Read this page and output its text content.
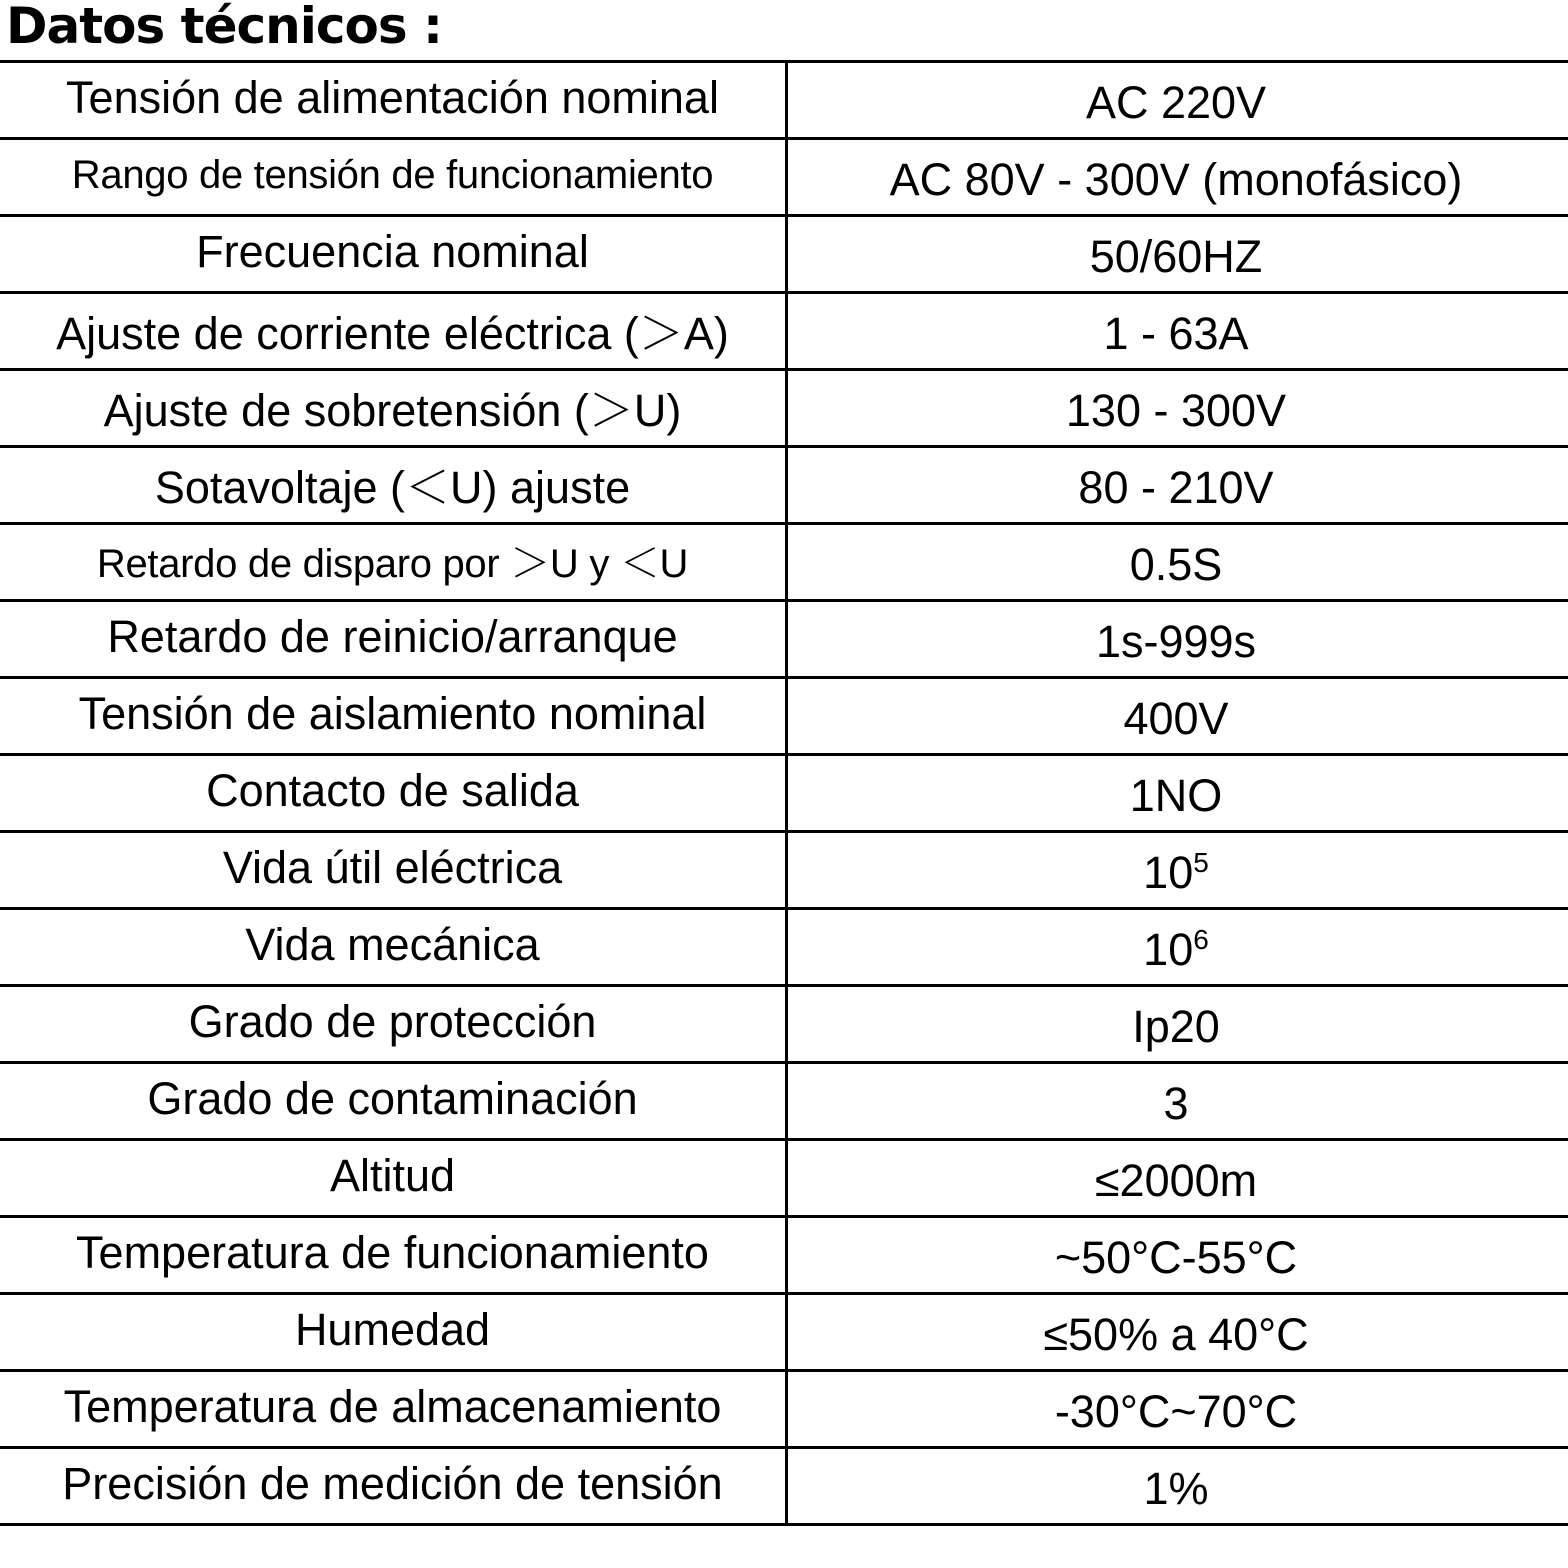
Datos técnicos :
Tensión de alimentación nominal	AC 220V
Rango de tensión de funcionamiento	AC 80V - 300V (monofásico)
Frecuencia nominal	50/60HZ
Ajuste de corriente eléctrica (＞A)	1 - 63A
Ajuste de sobretensión (＞U)	130 - 300V
Sotavoltaje (＜U) ajuste	80 - 210V
Retardo de disparo por ＞U y ＜U	0.5S
Retardo de reinicio/arranque	1s-999s
Tensión de aislamiento nominal	400V
Contacto de salida	1NO
Vida útil eléctrica	$10^5$
Vida mecánica	$10^6$
Grado de protección	Ip20
Grado de contaminación	3
Altitud	≤2000m
Temperatura de funcionamiento	~50°C-55°C
Humedad	≤50% a 40°C
Temperatura de almacenamiento	-30°C~70°C
Precisión de medición de tensión	1%
